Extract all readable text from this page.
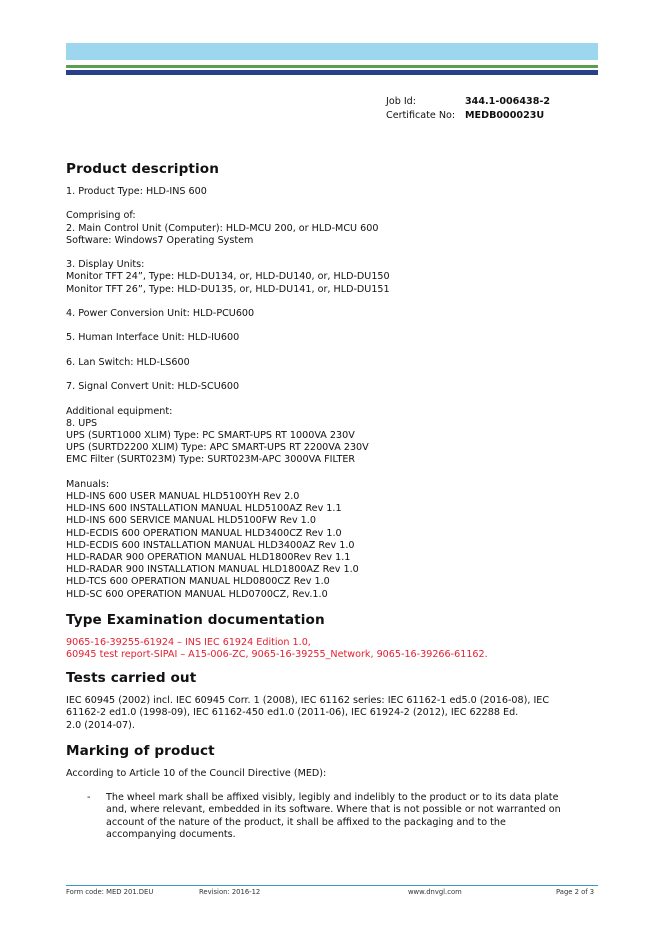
Job Id:	344.1-006438-2
Certificate No: MEDB000023U
Product description

1. Product Type: HLD-INS 600

Comprising of:

2. Main Control Unit (Computer): HLD-MCU 200, or HLD-MCU 600

Software: Windows7 Operating System

3. Display Units:

Monitor TFT 24”, Type: HLD-DU134, or, HLD-DU140, or, HLD-DU150

Monitor TFT 26”, Type: HLD-DU135, or, HLD-DU141, or, HLD-DU151

4. Power Conversion Unit: HLD-PCU600

5. Human Interface Unit: HLD-IU600

6. Lan Switch: HLD-LS600

7. Signal Convert Unit: HLD-SCU600

Additional equipment:

8. UPS

UPS (SURT1000 XLIM) Type: PC SMART-UPS RT 1000VA 230V

UPS (SURTD2200 XLIM) Type: APC SMART-UPS RT 2200VA 230V

EMC Filter (SURT023M) Type: SURT023M-APC 3000VA FILTER

Manuals:

HLD-INS 600 USER MANUAL HLD5100YH Rev 2.0

HLD-INS 600 INSTALLATION MANUAL HLD5100AZ Rev 1.1

HLD-INS 600 SERVICE MANUAL HLD5100FW Rev 1.0

HLD-ECDIS 600 OPERATION MANUAL HLD3400CZ Rev 1.0

HLD-ECDIS 600 INSTALLATION MANUAL HLD3400AZ Rev 1.0

HLD-RADAR 900 OPERATION MANUAL HLD1800Rev Rev 1.1

HLD-RADAR 900 INSTALLATION MANUAL HLD1800AZ Rev 1.0

HLD-TCS 600 OPERATION MANUAL HLD0800CZ Rev 1.0

HLD-SC 600 OPERATION MANUAL HLD0700CZ, Rev.1.0

Type Examination documentation

9065-16-39255-61924 – INS IEC 61924 Edition 1.0,

60945 test report-SIPAI – A15-006-ZC, 9065-16-39255_Network, 9065-16-39266-61162.

Tests carried out

IEC 60945 (2002) incl. IEC 60945 Corr. 1 (2008), IEC 61162 series: IEC 61162-1 ed5.0 (2016-08), IEC

61162-2 ed1.0 (1998-09), IEC 61162-450 ed1.0 (2011-06), IEC 61924-2 (2012), IEC 62288 Ed.

2.0 (2014-07).

Marking of product

According to Article 10 of the Council Directive (MED):

- The wheel mark shall be affixed visibly, legibly and indelibly to the product or to its data plate

and, where relevant, embedded in its software. Where that is not possible or not warranted on

account of the nature of the product, it shall be affixed to the packaging and to the

accompanying documents.

Form code: MED 201.DEU	Revision: 2016-12	www.dnvgl.com	Page 2 of 3
